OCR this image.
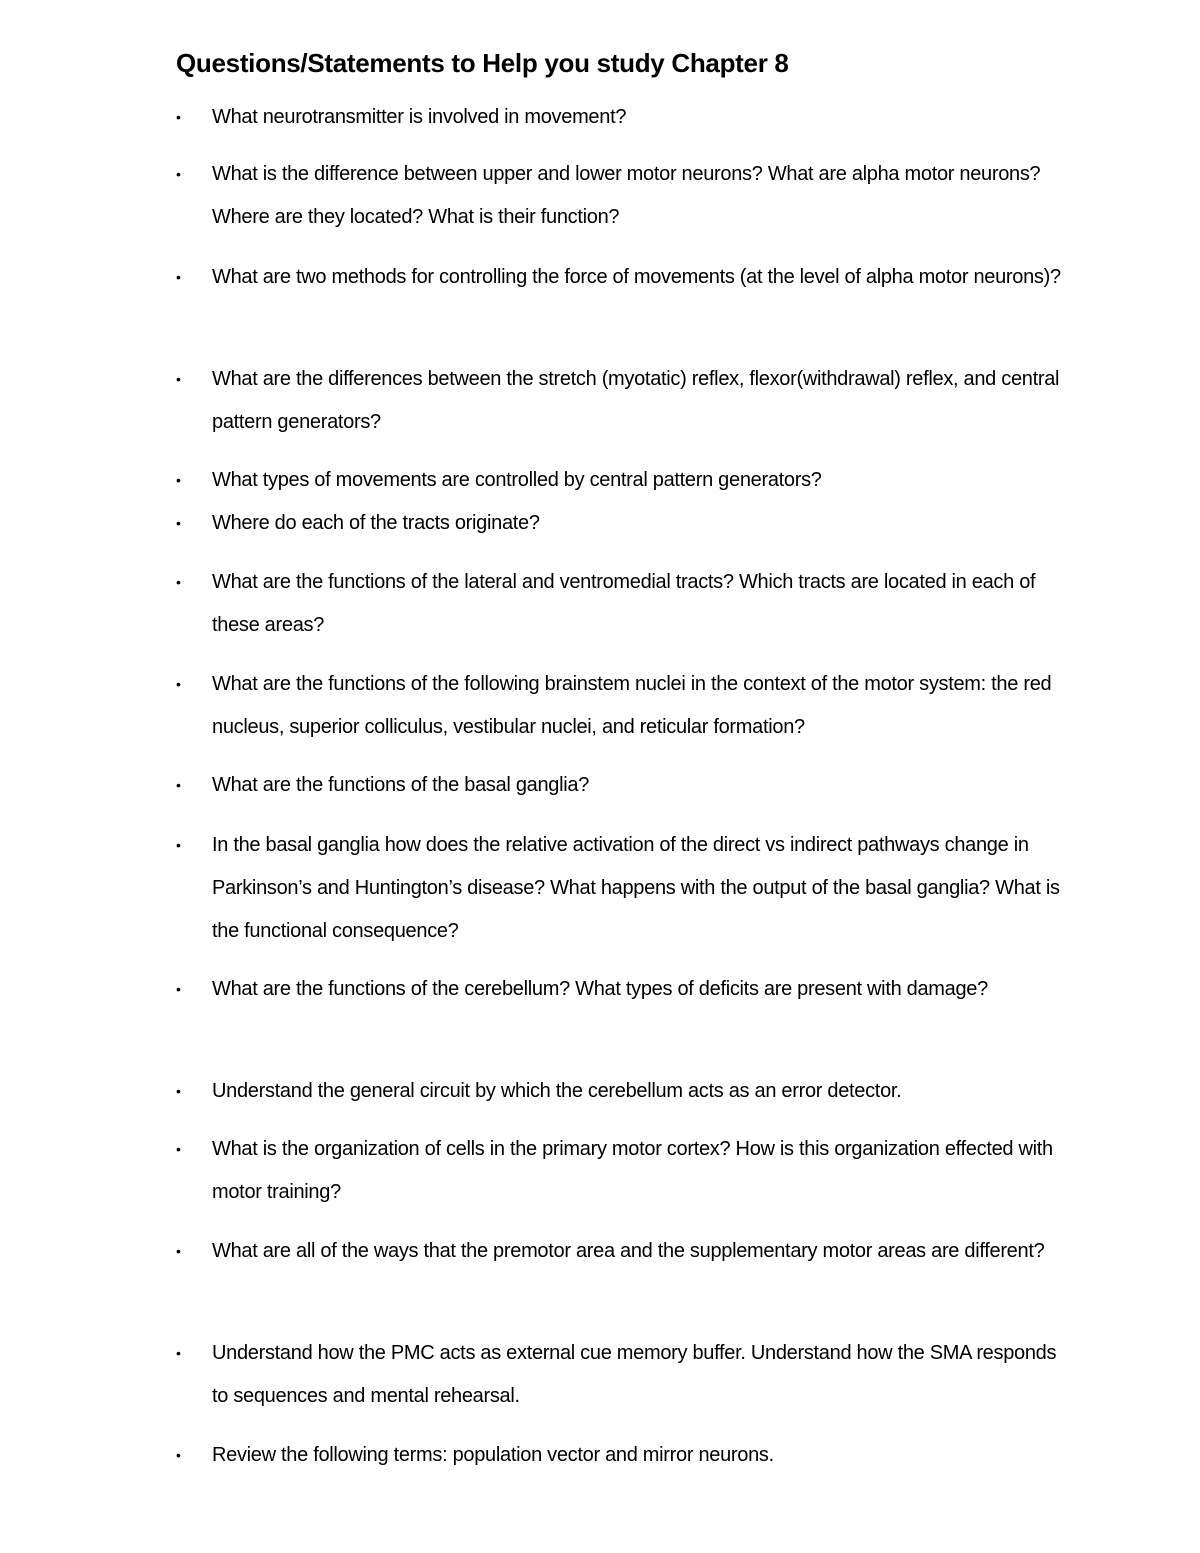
Questions/Statements to Help you study Chapter 8
•	What neurotransmitter is involved in movement?
•	What is the difference between upper and lower motor neurons? What are alpha motor neurons? Where are they located? What is their function?
•	What are two methods for controlling the force of movements (at the level of alpha motor neurons)?
•	What are the differences between the stretch (myotatic) reflex, flexor(withdrawal) reflex, and central pattern generators?
•	What types of movements are controlled by central pattern generators?
•	Where do each of the tracts originate?
•	What are the functions of the lateral and ventromedial tracts? Which tracts are located in each of these areas?
•	What are the functions of the following brainstem nuclei in the context of the motor system: the red nucleus, superior colliculus, vestibular nuclei, and reticular formation?
•	What are the functions of the basal ganglia?
•	In the basal ganglia how does the relative activation of the direct vs indirect pathways change in Parkinson’s and Huntington’s disease? What happens with the output of the basal ganglia? What is the functional consequence?
•	What are the functions of the cerebellum? What types of deficits are present with damage?
•	Understand the general circuit by which the cerebellum acts as an error detector.
•	What is the organization of cells in the primary motor cortex? How is this organization effected with motor training?
•	What are all of the ways that the premotor area and the supplementary motor areas are different?
•	Understand how the PMC acts as external cue memory buffer. Understand how the SMA responds to sequences and mental rehearsal.
•	Review the following terms: population vector and mirror neurons.
